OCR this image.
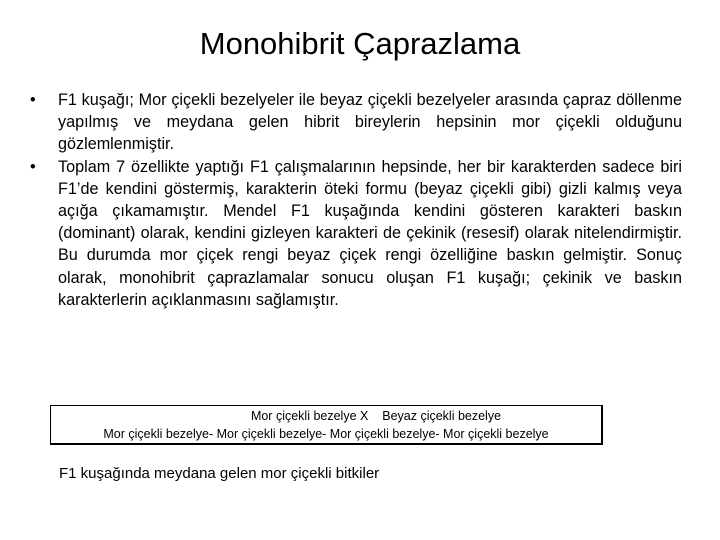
Monohibrit Çaprazlama
• F1 kuşağı; Mor çiçekli bezelyeler ile beyaz çiçekli bezelyeler arasında çapraz döllenme yapılmış ve meydana gelen hibrit bireylerin hepsinin mor çiçekli olduğunu gözlemlenmiştir.
• Toplam 7 özellikte yaptığı F1 çalışmalarının hepsinde, her bir karakterden sadece biri F1’de kendini göstermiş, karakterin öteki formu (beyaz çiçekli gibi) gizli kalmış veya açığa çıkamamıştır. Mendel F1 kuşağında kendini gösteren karakteri baskın (dominant) olarak, kendini gizleyen karakteri de çekinik (resesif) olarak nitelendirmiştir. Bu durumda mor çiçek rengi beyaz çiçek rengi özelliğine baskın gelmiştir. Sonuç olarak, monohibrit çaprazlamalar sonucu oluşan F1 kuşağı; çekinik ve baskın karakterlerin açıklanmasını sağlamıştır.
Mor çiçekli bezelye X    Beyaz çiçekli bezelye
Mor çiçekli bezelye- Mor çiçekli bezelye- Mor çiçekli bezelye- Mor çiçekli bezelye
F1 kuşağında meydana gelen mor çiçekli bitkiler
